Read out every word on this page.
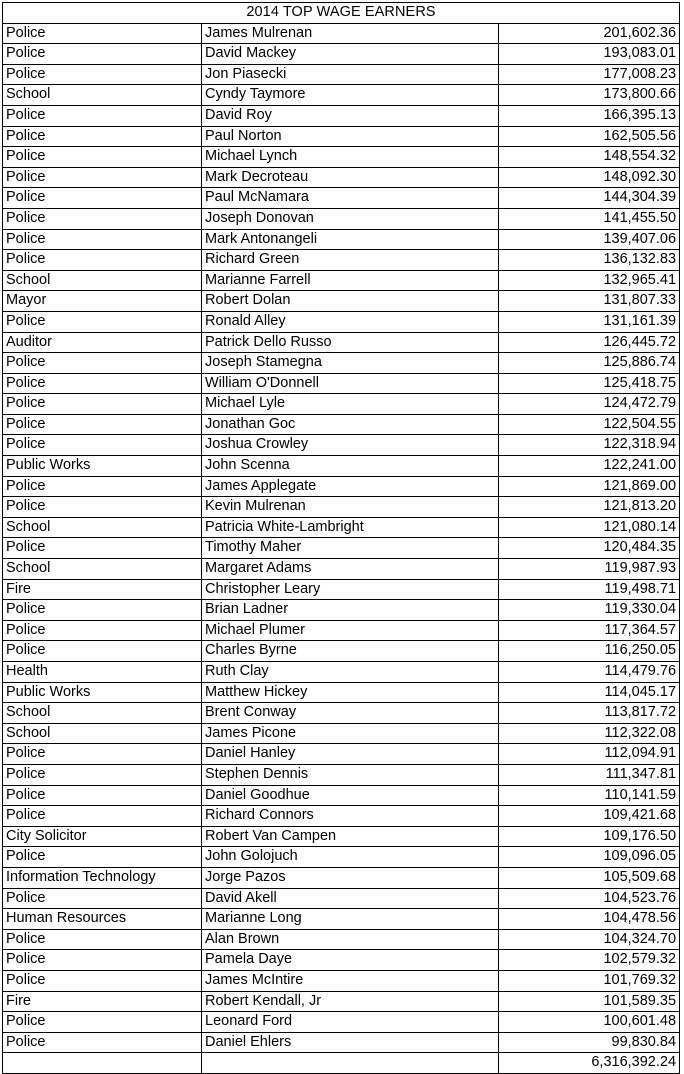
2014 TOP WAGE EARNERS		
Police	James Mulrenan	201,602.36
Police	David Mackey	193,083.01
Police	Jon Piasecki	177,008.23
School	Cyndy Taymore	173,800.66
Police	David Roy	166,395.13
Police	Paul Norton	162,505.56
Police	Michael Lynch	148,554.32
Police	Mark Decroteau	148,092.30
Police	Paul McNamara	144,304.39
Police	Joseph Donovan	141,455.50
Police	Mark Antonangeli	139,407.06
Police	Richard Green	136,132.83
School	Marianne Farrell	132,965.41
Mayor	Robert Dolan	131,807.33
Police	Ronald Alley	131,161.39
Auditor	Patrick Dello Russo	126,445.72
Police	Joseph Stamegna	125,886.74
Police	William O'Donnell	125,418.75
Police	Michael Lyle	124,472.79
Police	Jonathan Goc	122,504.55
Police	Joshua Crowley	122,318.94
Public Works	John Scenna	122,241.00
Police	James Applegate	121,869.00
Police	Kevin Mulrenan	121,813.20
School	Patricia White-Lambright	121,080.14
Police	Timothy Maher	120,484.35
School	Margaret Adams	119,987.93
Fire	Christopher Leary	119,498.71
Police	Brian Ladner	119,330.04
Police	Michael Plumer	117,364.57
Police	Charles Byrne	116,250.05
Health	Ruth Clay	114,479.76
Public Works	Matthew Hickey	114,045.17
School	Brent Conway	113,817.72
School	James Picone	112,322.08
Police	Daniel Hanley	112,094.91
Police	Stephen Dennis	111,347.81
Police	Daniel Goodhue	110,141.59
Police	Richard Connors	109,421.68
City Solicitor	Robert Van Campen	109,176.50
Police	John Golojuch	109,096.05
Information Technology	Jorge Pazos	105,509.68
Police	David Akell	104,523.76
Human Resources	Marianne Long	104,478.56
Police	Alan Brown	104,324.70
Police	Pamela Daye	102,579.32
Police	James McIntire	101,769.32
Fire	Robert Kendall, Jr	101,589.35
Police	Leonard Ford	100,601.48
Police	Daniel Ehlers	99,830.84
		6,316,392.24
